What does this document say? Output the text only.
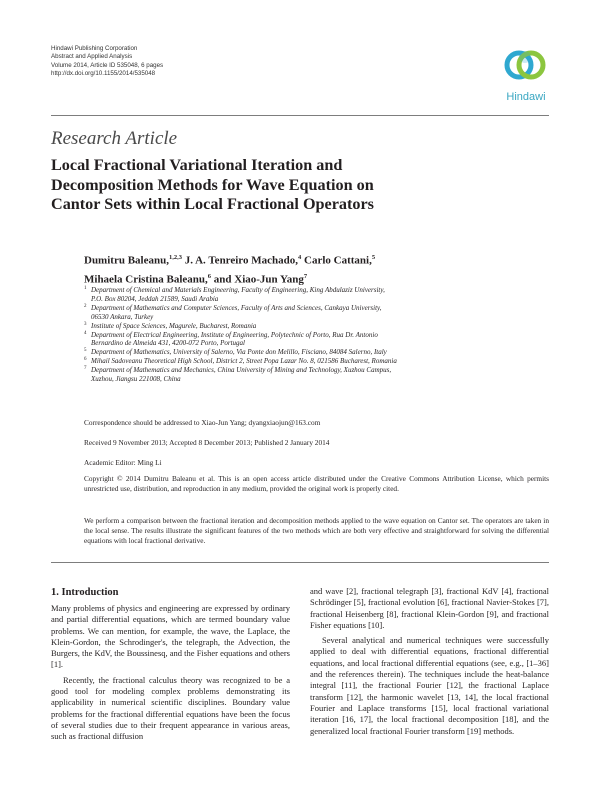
Hindawi Publishing Corporation
Abstract and Applied Analysis
Volume 2014, Article ID 535048, 6 pages
http://dx.doi.org/10.1155/2014/535048
Hindawi
Research Article
Local Fractional Variational Iteration and
Decomposition Methods for Wave Equation on
Cantor Sets within Local Fractional Operators
Dumitru Baleanu,$^{1,2,3}$ J. A. Tenreiro Machado,$^4$ Carlo Cattani,$^5$
Mihaela Cristina Baleanu,$^6$ and Xiao-Jun Yang$^7$
1 Department of Chemical and Materials Engineering, Faculty of Engineering, King Abdulaziz University,
P.O. Box 80204, Jeddah 21589, Saudi Arabia
2 Department of Mathematics and Computer Sciences, Faculty of Arts and Sciences, Cankaya University,
06530 Ankara, Turkey
3 Institute of Space Sciences, Magurele, Bucharest, Romania
4 Department of Electrical Engineering, Institute of Engineering, Polytechnic of Porto, Rua Dr. Antonio
Bernardino de Almeida 431, 4200-072 Porto, Portugal
5 Department of Mathematics, University of Salerno, Via Ponte don Melillo, Fisciano, 84084 Salerno, Italy
6 Mihail Sadoveanu Theoretical High School, District 2, Street Popa Lazar No. 8, 021586 Bucharest, Romania
7 Department of Mathematics and Mechanics, China University of Mining and Technology, Xuzhou Campus,
Xuzhou, Jiangsu 221008, China
Correspondence should be addressed to Xiao-Jun Yang; dyangxiaojun@163.com
Received 9 November 2013; Accepted 8 December 2013; Published 2 January 2014
Academic Editor: Ming Li
Copyright © 2014 Dumitru Baleanu et al. This is an open access article distributed under the Creative Commons Attribution License, which permits unrestricted use, distribution, and reproduction in any medium, provided the original work is properly cited.
We perform a comparison between the fractional iteration and decomposition methods applied to the wave equation on Cantor set. The operators are taken in the local sense. The results illustrate the significant features of the two methods which are both very effective and straightforward for solving the differential equations with local fractional derivative.
1. Introduction

Many problems of physics and engineering are expressed by ordinary and partial differential equations, which are termed boundary value problems. We can mention, for example, the wave, the Laplace, the Klein-Gordon, the Schrodinger's, the telegraph, the Advection, the Burgers, the KdV, the Boussinesq, and the Fisher equations and others [1].

Recently, the fractional calculus theory was recognized to be a good tool for modeling complex problems demonstrating its applicability in numerical scientific disciplines. Boundary value problems for the fractional differential equations have been the focus of several studies due to their frequent appearance in various areas, such as fractional diffusion

and wave [2], fractional telegraph [3], fractional KdV [4], fractional Schrödinger [5], fractional evolution [6], fractional Navier-Stokes [7], fractional Heisenberg [8], fractional Klein-Gordon [9], and fractional Fisher equations [10].

Several analytical and numerical techniques were successfully applied to deal with differential equations, fractional differential equations, and local fractional differential equations (see, e.g., [1–36] and the references therein). The techniques include the heat-balance integral [11], the fractional Fourier [12], the fractional Laplace transform [12], the harmonic wavelet [13, 14], the local fractional Fourier and Laplace transforms [15], local fractional variational iteration [16, 17], the local fractional decomposition [18], and the generalized local fractional Fourier transform [19] methods.
